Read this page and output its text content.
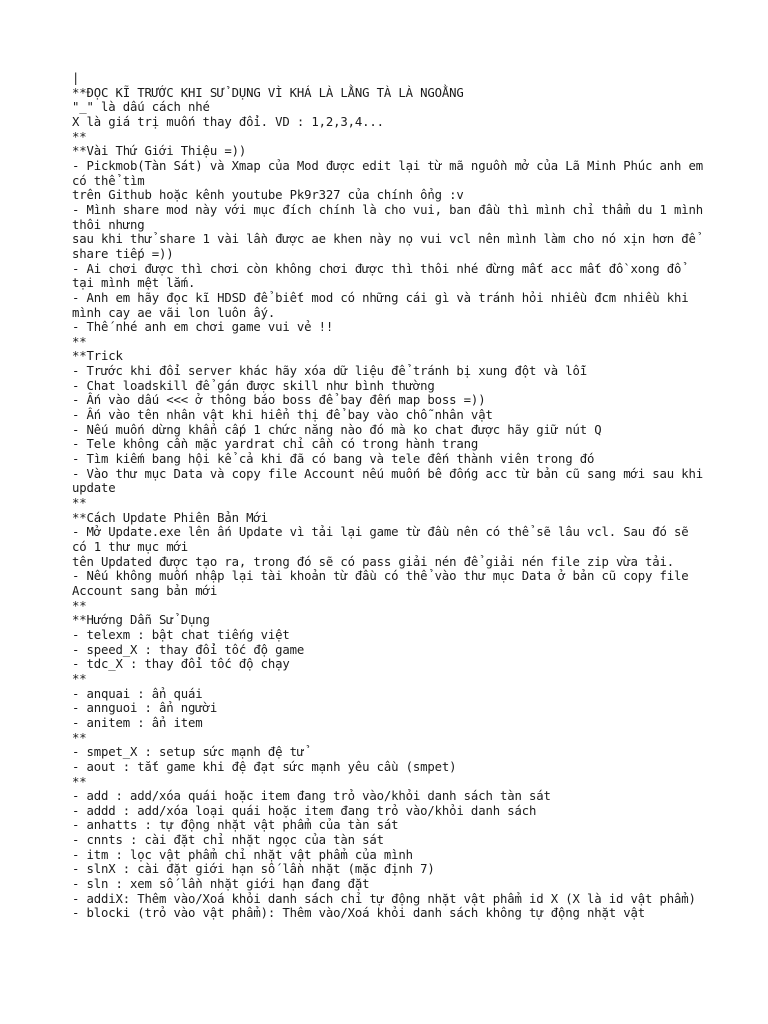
|
**ĐỌC KĨ TRƯỚC KHI SỬ DỤNG VÌ KHÁ LÀ LẰNG TÀ LÀ NGOẰNG
"_" là dấu cách nhé
X là giá trị muốn thay đổi. VD : 1,2,3,4...
**
**Vài Thứ Giới Thiệu =))
- Pickmob(Tàn Sát) và Xmap của Mod được edit lại từ mã nguồn mở của Lã Minh Phúc anh em có thể tìm
trên Github hoặc kênh youtube Pk9r327 của chính ổng :v
- Mình share mod này với mục đích chính là cho vui, ban đầu thì mình chỉ thẩm du 1 mình thôi nhưng
sau khi thử share 1 vài lần được ae khen này nọ vui vcl nên mình làm cho nó xịn hơn để share tiếp =))
- Ai chơi được thì chơi còn không chơi được thì thôi nhé đừng mất acc mất đồ xong đổ tại mình mệt lắm.
- Anh em hãy đọc kĩ HDSD để biết mod có những cái gì và tránh hỏi nhiều đcm nhiều khi mình cay ae vãi lon luôn ấy.
- Thế nhé anh em chơi game vui vẻ !!
**
**Trick
- Trước khi đổi server khác hãy xóa dữ liệu để tránh bị xung đột và lỗi
- Chat loadskill để gán được skill như bình thường
- Ấn vào dấu <<< ở thông báo boss để bay đến map boss =))
- Ấn vào tên nhân vật khi hiển thị để bay vào chỗ nhân vật
- Nếu muốn dừng khẩn cấp 1 chức năng nào đó mà ko chat được hãy giữ nút Q
- Tele không cần mặc yardrat chỉ cần có trong hành trang
- Tìm kiếm bang hội kể cả khi đã có bang và tele đến thành viên trong đó
- Vào thư mục Data và copy file Account nếu muốn bê đống acc từ bản cũ sang mới sau khi update
**
**Cách Update Phiên Bản Mới
- Mở Update.exe lên ấn Update vì tải lại game từ đầu nên có thể sẽ lâu vcl. Sau đó sẽ có 1 thư mục mới
tên Updated được tạo ra, trong đó sẽ có pass giải nén để giải nén file zip vừa tải.
- Nếu không muốn nhập lại tài khoản từ đầu có thể vào thư mục Data ở bản cũ copy file Account sang bản mới
**
**Hướng Dẫn Sử Dụng
- telexm : bật chat tiếng việt
- speed_X : thay đổi tốc độ game
- tdc_X : thay đổi tốc độ chạy
**
- anquai : ẩn quái
- annguoi : ẩn người
- anitem : ẩn item
**
- smpet_X : setup sức mạnh đệ tử
- aout : tắt game khi đệ đạt sức mạnh yêu cầu (smpet)
**
- add : add/xóa quái hoặc item đang trỏ vào/khỏi danh sách tàn sát
- addd : add/xóa loại quái hoặc item đang trỏ vào/khỏi danh sách
- anhatts : tự động nhặt vật phẩm của tàn sát
- cnnts : cài đặt chỉ nhặt ngọc của tàn sát
- itm : lọc vật phẩm chỉ nhặt vật phẩm của mình
- slnX : cài đặt giới hạn số lần nhặt (mặc định 7)
- sln : xem số lần nhặt giới hạn đang đặt
- addiX: Thêm vào/Xoá khỏi danh sách chỉ tự động nhặt vật phẩm id X (X là id vật phẩm)
- blocki (trỏ vào vật phẩm): Thêm vào/Xoá khỏi danh sách không tự động nhặt vật
